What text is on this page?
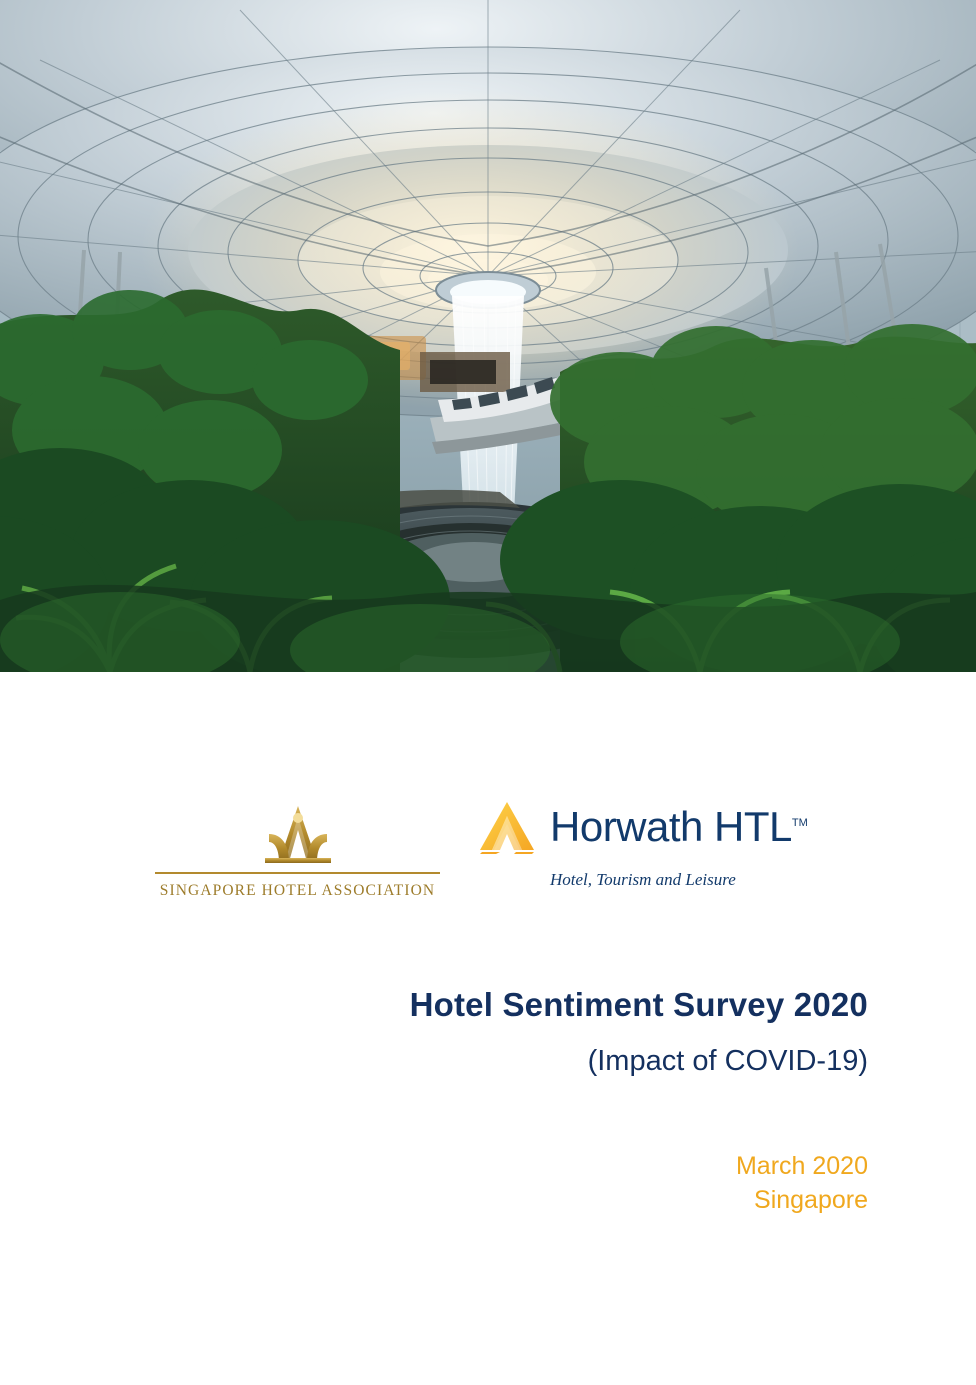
SINGAPORE HOTEL ASSOCIATION
Horwath HTL™
Hotel, Tourism and Leisure
Hotel Sentiment Survey 2020

(Impact of COVID-19)

March 2020

Singapore
